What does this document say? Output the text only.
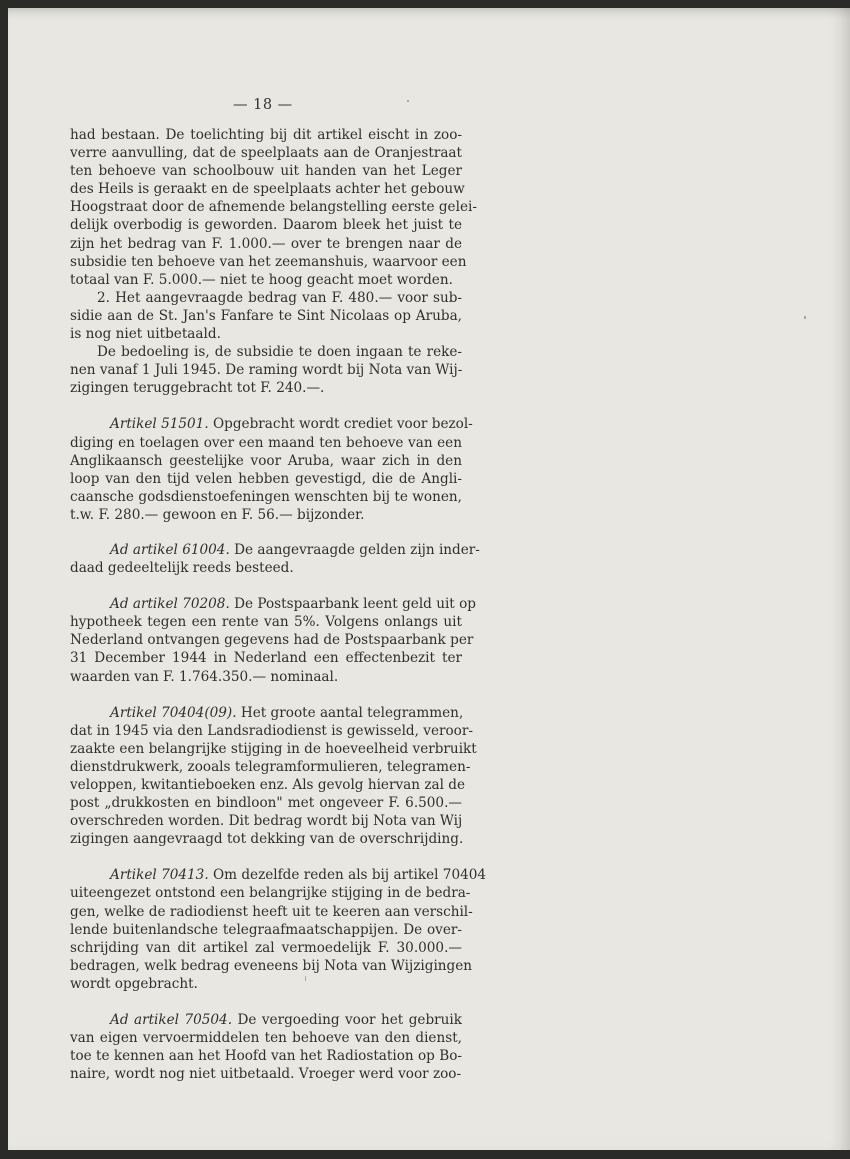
— 18 —
had bestaan. De toelichting bij dit artikel eischt in zoo-
verre aanvulling, dat de speelplaats aan de Oranjestraat
ten behoeve van schoolbouw uit handen van het Leger
des Heils is geraakt en de speelplaats achter het gebouw
Hoogstraat door de afnemende belangstelling eerste gelei-
delijk overbodig is geworden. Daarom bleek het juist te
zijn het bedrag van F. 1.000.— over te brengen naar de
subsidie ten behoeve van het zeemanshuis, waarvoor een
totaal van F. 5.000.— niet te hoog geacht moet worden.
2. Het aangevraagde bedrag van F. 480.— voor sub-
sidie aan de St. Jan's Fanfare te Sint Nicolaas op Aruba,
is nog niet uitbetaald.
De bedoeling is, de subsidie te doen ingaan te reke-
nen vanaf 1 Juli 1945. De raming wordt bij Nota van Wij-
zigingen teruggebracht tot F. 240.—.
Artikel 51501. Opgebracht wordt crediet voor bezol-
diging en toelagen over een maand ten behoeve van een
Anglikaansch geestelijke voor Aruba, waar zich in den
loop van den tijd velen hebben gevestigd, die de Angli-
caansche godsdienstoefeningen wenschten bij te wonen,
t.w. F. 280.— gewoon en F. 56.— bijzonder.
Ad artikel 61004. De aangevraagde gelden zijn inder-
daad gedeeltelijk reeds besteed.
Ad artikel 70208. De Postspaarbank leent geld uit op
hypotheek tegen een rente van 5%. Volgens onlangs uit
Nederland ontvangen gegevens had de Postspaarbank per
31 December 1944 in Nederland een effectenbezit ter
waarden van F. 1.764.350.— nominaal.
Artikel 70404(09). Het groote aantal telegrammen,
dat in 1945 via den Landsradiodienst is gewisseld, veroor-
zaakte een belangrijke stijging in de hoeveelheid verbruikt
dienstdrukwerk, zooals telegramformulieren, telegramen-
veloppen, kwitantieboeken enz. Als gevolg hiervan zal de
post „drukkosten en bindloon" met ongeveer F. 6.500.—
overschreden worden. Dit bedrag wordt bij Nota van Wij
zigingen aangevraagd tot dekking van de overschrijding.
Artikel 70413. Om dezelfde reden als bij artikel 70404
uiteengezet ontstond een belangrijke stijging in de bedra-
gen, welke de radiodienst heeft uit te keeren aan verschil-
lende buitenlandsche telegraafmaatschappijen. De over-
schrijding van dit artikel zal vermoedelijk F. 30.000.—
bedragen, welk bedrag eveneens bij Nota van Wijzigingen
wordt opgebracht.
Ad artikel 70504. De vergoeding voor het gebruik
van eigen vervoermiddelen ten behoeve van den dienst,
toe te kennen aan het Hoofd van het Radiostation op Bo-
naire, wordt nog niet uitbetaald. Vroeger werd voor zoo-
